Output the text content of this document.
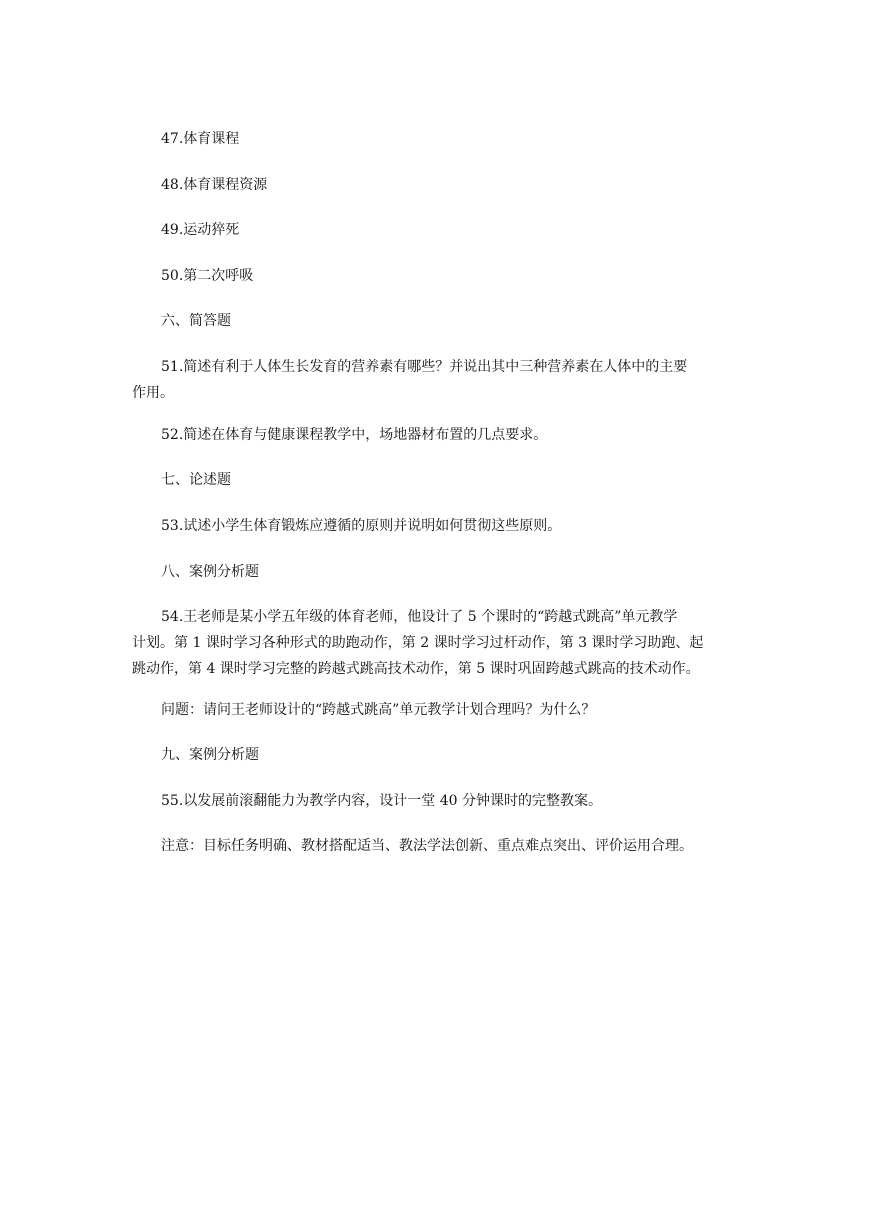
47.体育课程

48.体育课程资源

49.运动猝死

50.第二次呼吸

六、简答题

51.简述有利于人体生长发育的营养素有哪些？并说出其中三种营养素在人体中的主要
作用。

52.简述在体育与健康课程教学中，场地器材布置的几点要求。

七、论述题

53.试述小学生体育锻炼应遵循的原则并说明如何贯彻这些原则。

八、案例分析题

54.王老师是某小学五年级的体育老师，他设计了 5 个课时的“跨越式跳高”单元教学
计划。第 1 课时学习各种形式的助跑动作，第 2 课时学习过杆动作，第 3 课时学习助跑、起
跳动作，第 4 课时学习完整的跨越式跳高技术动作，第 5 课时巩固跨越式跳高的技术动作。

问题：请问王老师设计的“跨越式跳高”单元教学计划合理吗？为什么？

九、案例分析题

55.以发展前滚翻能力为教学内容，设计一堂 40 分钟课时的完整教案。

注意：目标任务明确、教材搭配适当、教法学法创新、重点难点突出、评价运用合理。
